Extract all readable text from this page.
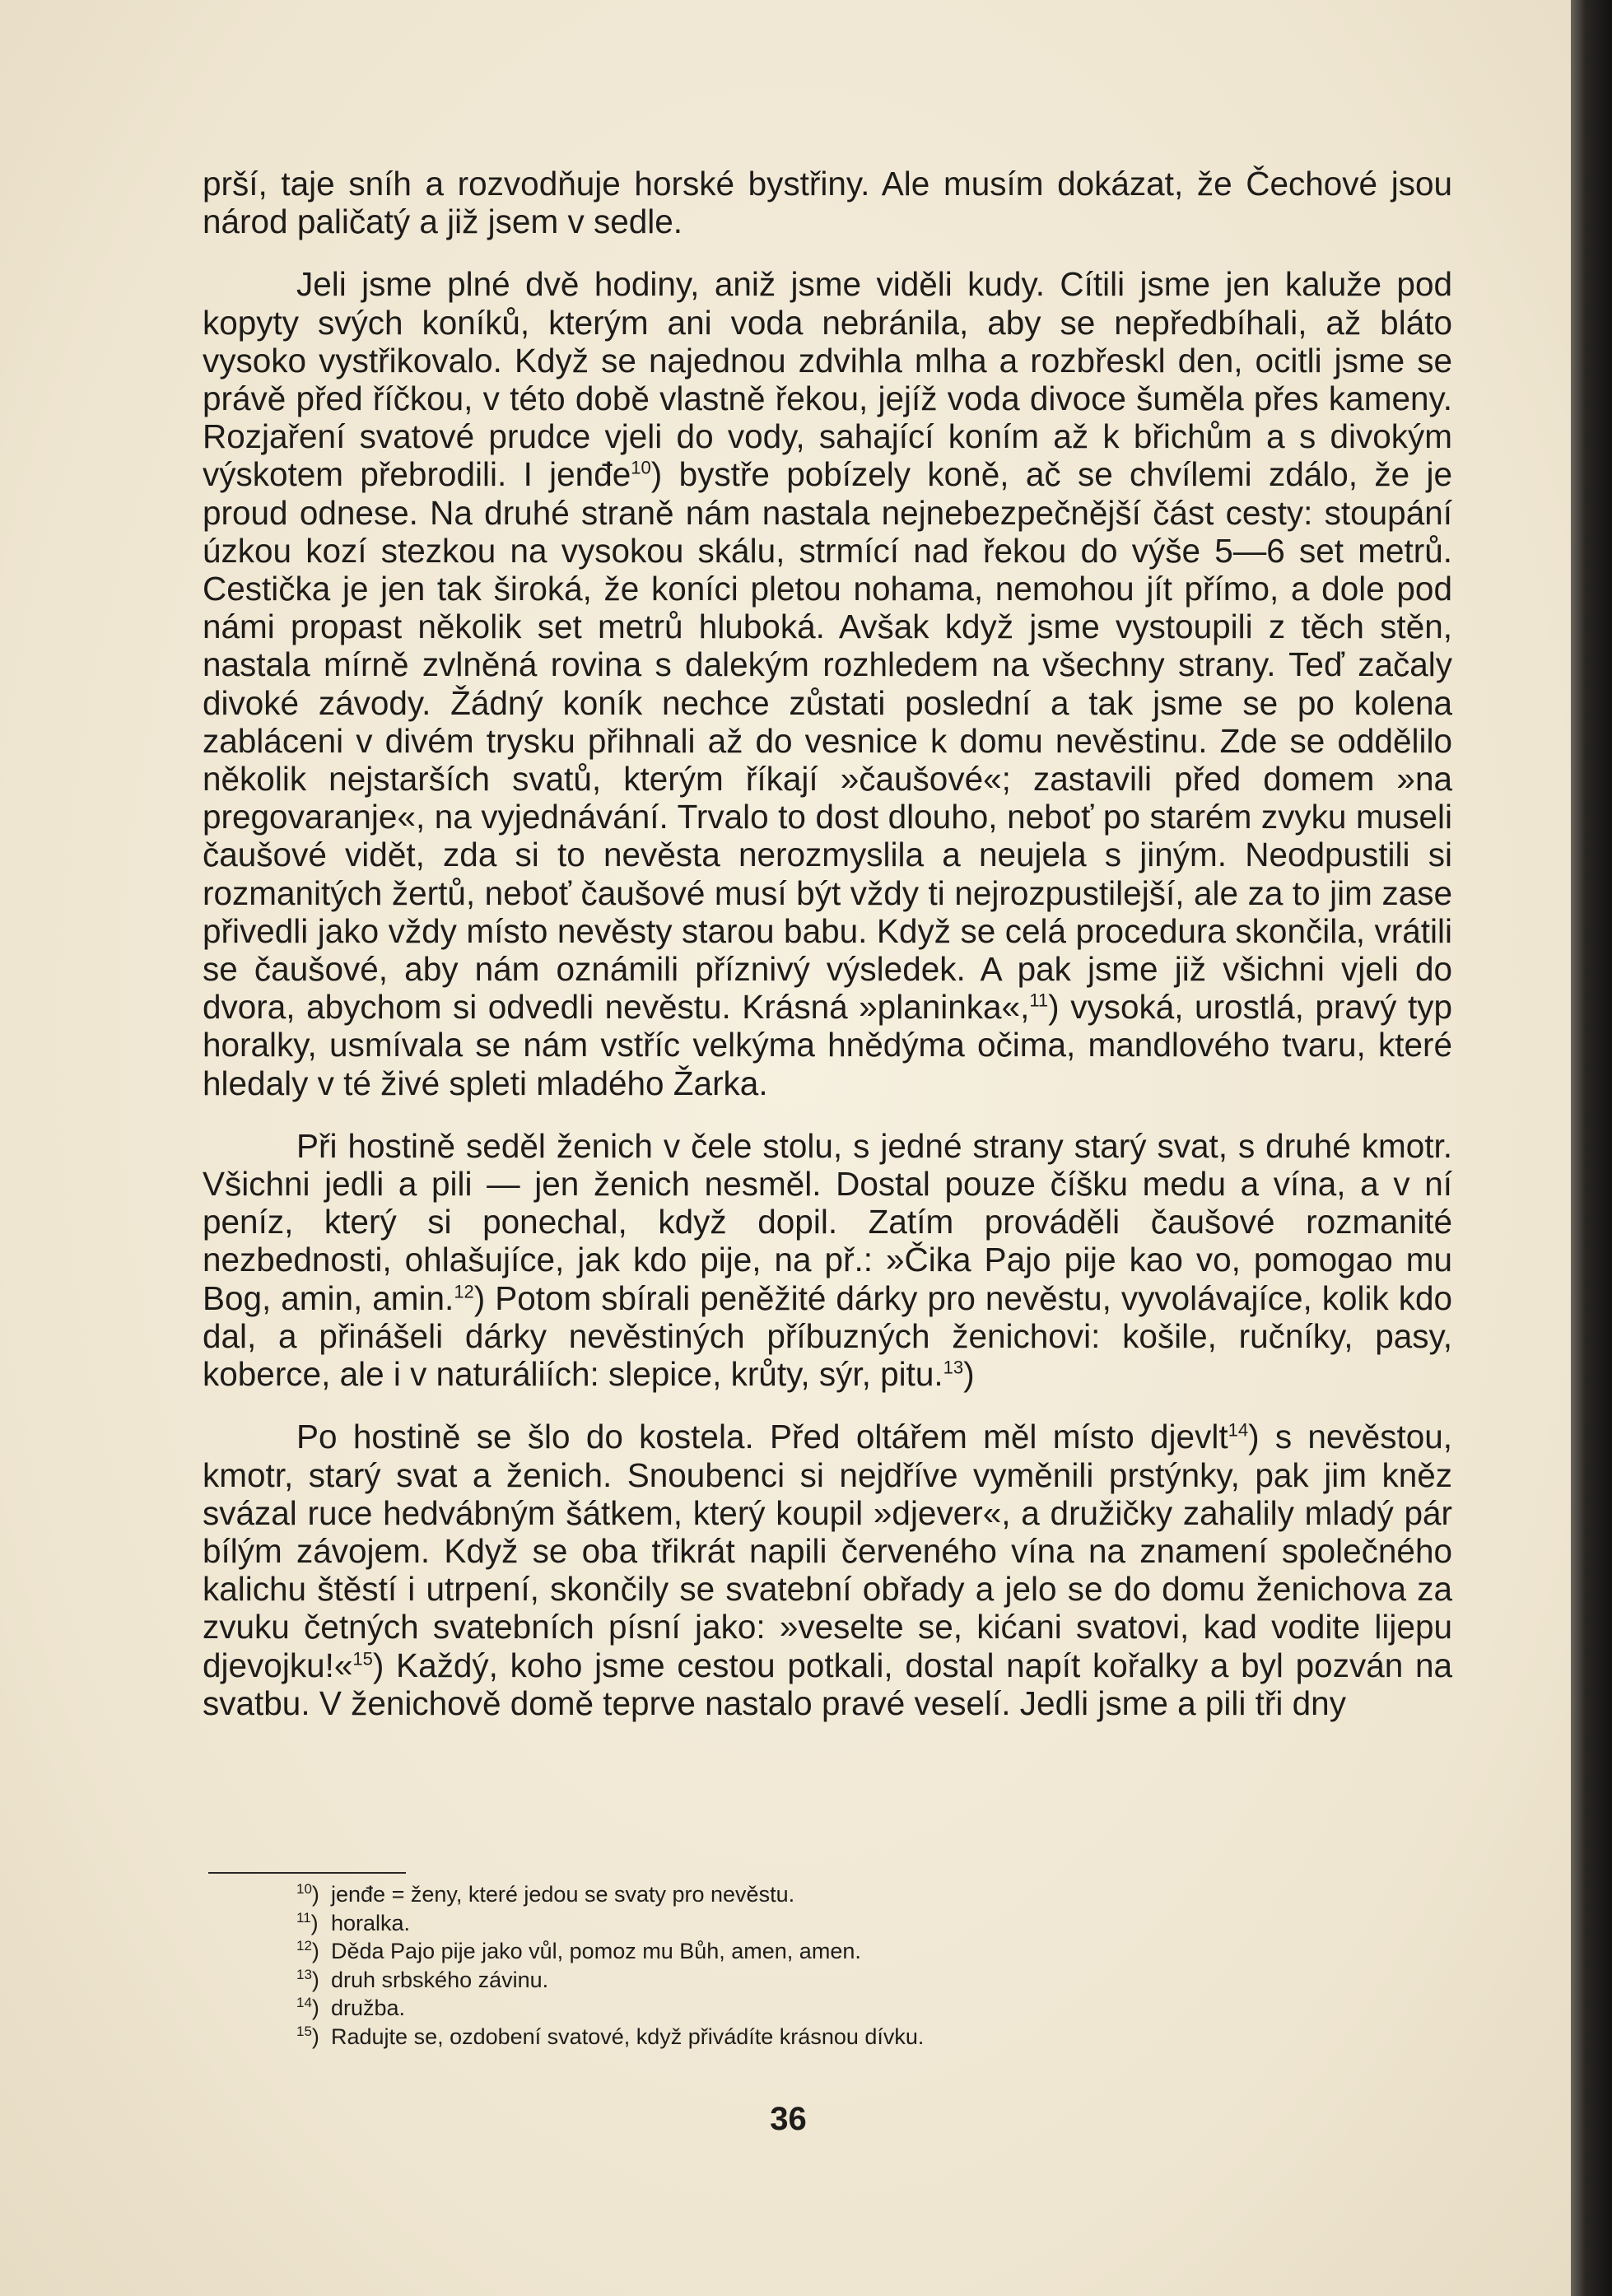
prší, taje sníh a rozvodňuje horské bystřiny. Ale musím dokázat, že Čechové jsou národ paličatý a již jsem v sedle.

Jeli jsme plné dvě hodiny, aniž jsme viděli kudy. Cítili jsme jen kaluže pod kopyty svých koníků, kterým ani voda nebránila, aby se nepředbíhali, až bláto vysoko vystřikovalo. Když se najednou zdvihla mlha a rozbřeskl den, ocitli jsme se právě před říčkou, v této době vlastně řekou, jejíž voda divoce šuměla přes kameny. Rozjaření svatové prudce vjeli do vody, sahající koním až k břichům a s divokým výskotem přebrodili. I jenđe$^{10}$) bystře pobízely koně, ač se chvílemi zdálo, že je proud odnese. Na druhé straně nám nastala nejnebezpečnější část cesty: stoupání úzkou kozí stezkou na vysokou skálu, strmící nad řekou do výše 5—6 set metrů. Cestička je jen tak široká, že koníci pletou nohama, nemohou jít přímo, a dole pod námi propast několik set metrů hluboká. Avšak když jsme vystoupili z těch stěn, nastala mírně zvlněná rovina s dalekým rozhledem na všechny strany. Teď začaly divoké závody. Žádný koník nechce zůstati poslední a tak jsme se po kolena zabláceni v divém trysku přihnali až do vesnice k domu nevěstinu. Zde se oddělilo několik nejstarších svatů, kterým říkají »čaušové«; zastavili před domem »na pregovaranje«, na vyjednávání. Trvalo to dost dlouho, neboť po starém zvyku museli čaušové vidět, zda si to nevěsta nerozmyslila a neujela s jiným. Neodpustili si rozmanitých žertů, neboť čaušové musí být vždy ti nejrozpustilejší, ale za to jim zase přivedli jako vždy místo nevěsty starou babu. Když se celá procedura skončila, vrátili se čaušové, aby nám oznámili příznivý výsledek. A pak jsme již všichni vjeli do dvora, abychom si odvedli nevěstu. Krásná »planinka«,$^{11}$) vysoká, urostlá, pravý typ horalky, usmívala se nám vstříc velkýma hnědýma očima, mandlového tvaru, které hledaly v té živé spleti mladého Žarka.

Při hostině seděl ženich v čele stolu, s jedné strany starý svat, s druhé kmotr. Všichni jedli a pili — jen ženich nesměl. Dostal pouze číšku medu a vína, a v ní peníz, který si ponechal, když dopil. Zatím prováděli čaušové rozmanité nezbednosti, ohlašujíce, jak kdo pije, na př.: »Čika Pajo pije kao vo, pomogao mu Bog, amin, amin.$^{12}$) Potom sbírali peněžité dárky pro nevěstu, vyvolávajíce, kolik kdo dal, a přinášeli dárky nevěstiných příbuzných ženichovi: košile, ručníky, pasy, koberce, ale i v naturáliích: slepice, krůty, sýr, pitu.$^{13}$)

Po hostině se šlo do kostela. Před oltářem měl místo djevlt$^{14}$) s nevěstou, kmotr, starý svat a ženich. Snoubenci si nejdříve vyměnili prstýnky, pak jim kněz svázal ruce hedvábným šátkem, který koupil »djever«, a družičky zahalily mladý pár bílým závojem. Když se oba třikrát napili červeného vína na znamení společného kalichu štěstí i utrpení, skončily se svatební obřady a jelo se do domu ženichova za zvuku četných svatebních písní jako: »veselte se, kićani svatovi, kad vodite lijepu djevojku!«$^{15}$) Každý, koho jsme cestou potkali, dostal napít kořalky a byl pozván na svatbu. V ženichově domě teprve nastalo pravé veselí. Jedli jsme a pili tři dny

$^{10}$) jenđe = ženy, které jedou se svaty pro nevěstu.
$^{11}$) horalka.
$^{12}$) Děda Pajo pije jako vůl, pomoz mu Bůh, amen, amen.
$^{13}$) druh srbského závinu.
$^{14}$) družba.
$^{15}$) Radujte se, ozdobení svatové, když přivádíte krásnou dívku.
36
